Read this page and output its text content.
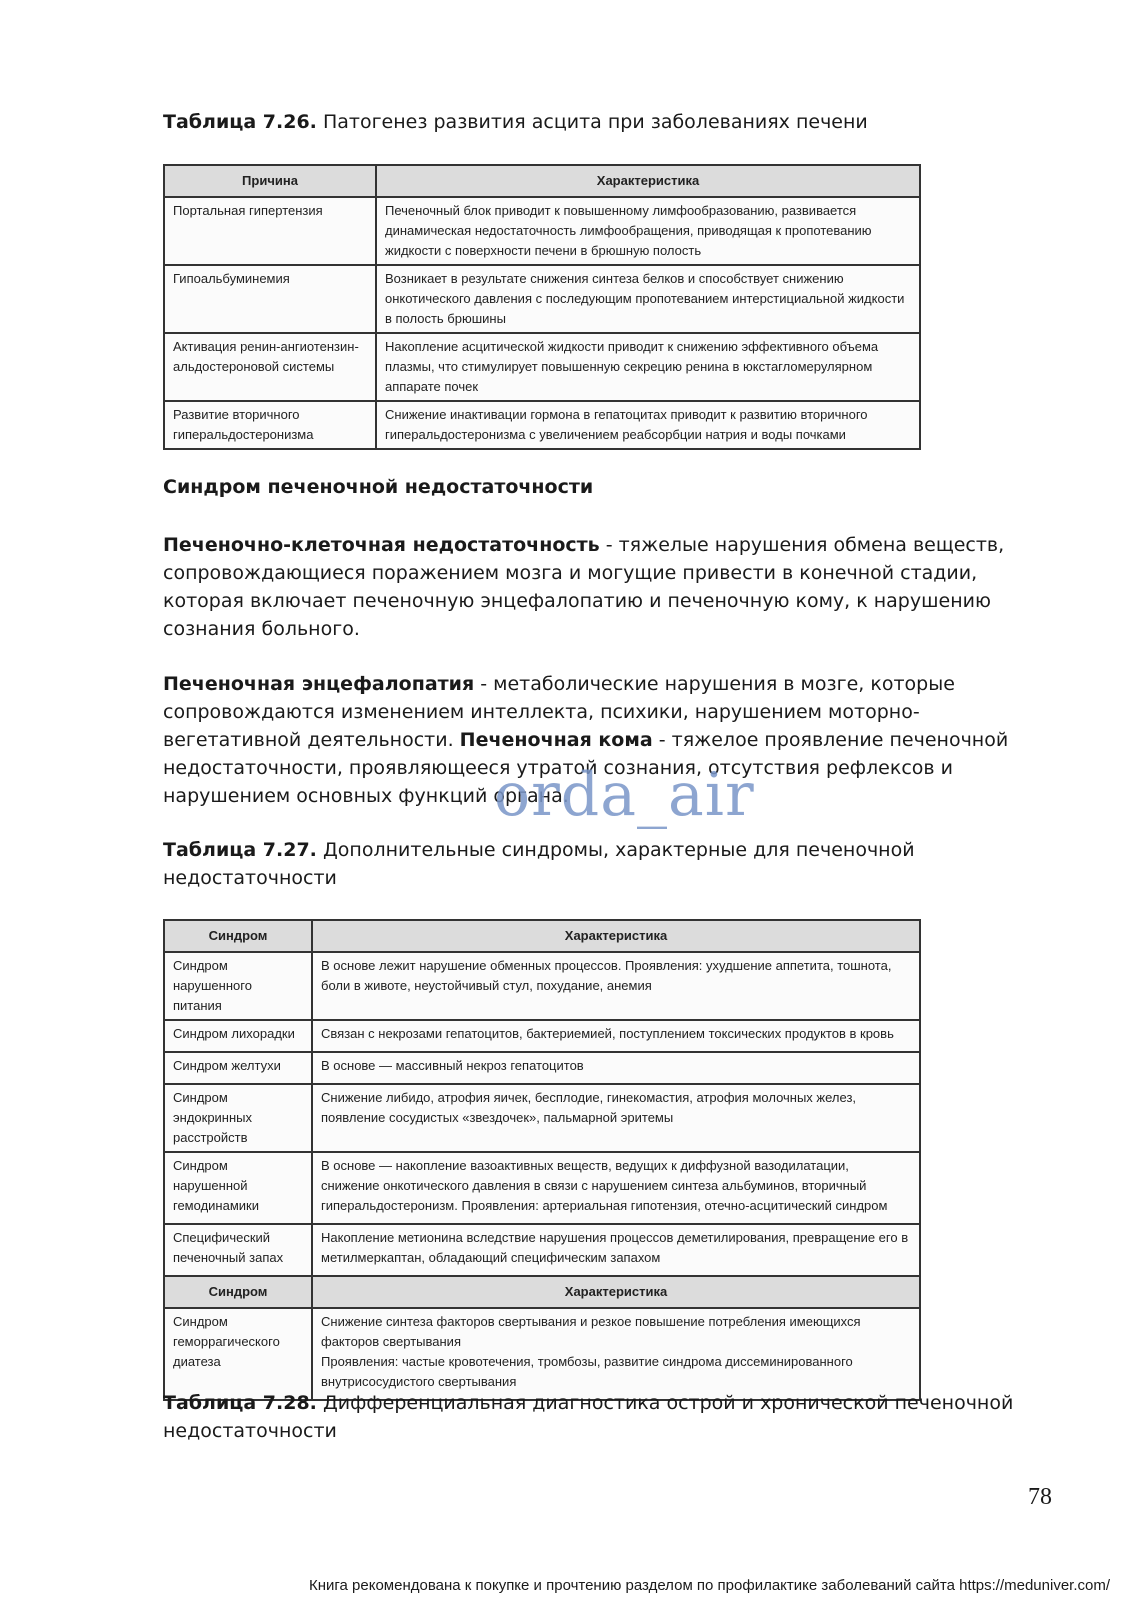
Таблица 7.26. Патогенез развития асцита при заболеваниях печени
Причина	Характеристика
Портальная гипертензия	Печеночный блок приводит к повышенному лимфообразованию, развивается динамическая недостаточность лимфообращения, приводящая к пропотеванию жидкости с поверхности печени в брюшную полость
Гипоальбуминемия	Возникает в результате снижения синтеза белков и способствует снижению онкотического давления с последующим пропотеванием интерстициальной жидкости в полость брюшины
Активация ренин-ангиотензин-альдостероновой системы	Накопление асцитической жидкости приводит к снижению эффективного объема плазмы, что стимулирует повышенную секрецию ренина в юкстагломерулярном аппарате почек
Развитие вторичного гиперальдостеронизма	Снижение инактивации гормона в гепатоцитах приводит к развитию вторичного гиперальдостеронизма с увеличением реабсорбции натрия и воды почками
Синдром печеночной недостаточности
Печеночно-клеточная недостаточность - тяжелые нарушения обмена веществ, сопровождающиеся поражением мозга и могущие привести в конечной стадии, которая включает печеночную энцефалопатию и печеночную кому, к нарушению сознания больного.
Печеночная энцефалопатия - метаболические нарушения в мозге, которые сопровождаются изменением интеллекта, психики, нарушением моторно-вегетативной деятельности. Печеночная кома - тяжелое проявление печеночной недостаточности, проявляющееся утратой сознания, отсутствия рефлексов и нарушением основных функций органа.
orda_air
Таблица 7.27. Дополнительные синдромы, характерные для печеночной недостаточности
Синдром	Характеристика
Синдром нарушенного питания	В основе лежит нарушение обменных процессов. Проявления: ухудшение аппетита, тошнота, боли в животе, неустойчивый стул, похудание, анемия
Синдром лихорадки	Связан с некрозами гепатоцитов, бактериемией, поступлением токсических продуктов в кровь
Синдром желтухи	В основе — массивный некроз гепатоцитов
Синдром эндокринных расстройств	Снижение либидо, атрофия яичек, бесплодие, гинекомастия, атрофия молочных желез, появление сосудистых «звездочек», пальмарной эритемы
Синдром нарушенной гемодинамики	В основе — накопление вазоактивных веществ, ведущих к диффузной вазодилатации, снижение онкотического давления в связи с нарушением синтеза альбуминов, вторичный гиперальдостеронизм. Проявления: артериальная гипотензия, отечно-асцитический синдром
Специфический печеночный запах	Накопление метионина вследствие нарушения процессов деметилирования, превращение его в метилмеркаптан, обладающий специфическим запахом
Синдром	Характеристика
Синдром геморрагического диатеза	Снижение синтеза факторов свертывания и резкое повышение потребления имеющихся факторов свертывания
Проявления: частые кровотечения, тромбозы, развитие синдрома диссеминированного внутрисосудистого свертывания
Таблица 7.28. Дифференциальная диагностика острой и хронической печеночной недостаточности
78
Книга рекомендована к покупке и прочтению разделом по профилактике заболеваний сайта https://meduniver.com/
